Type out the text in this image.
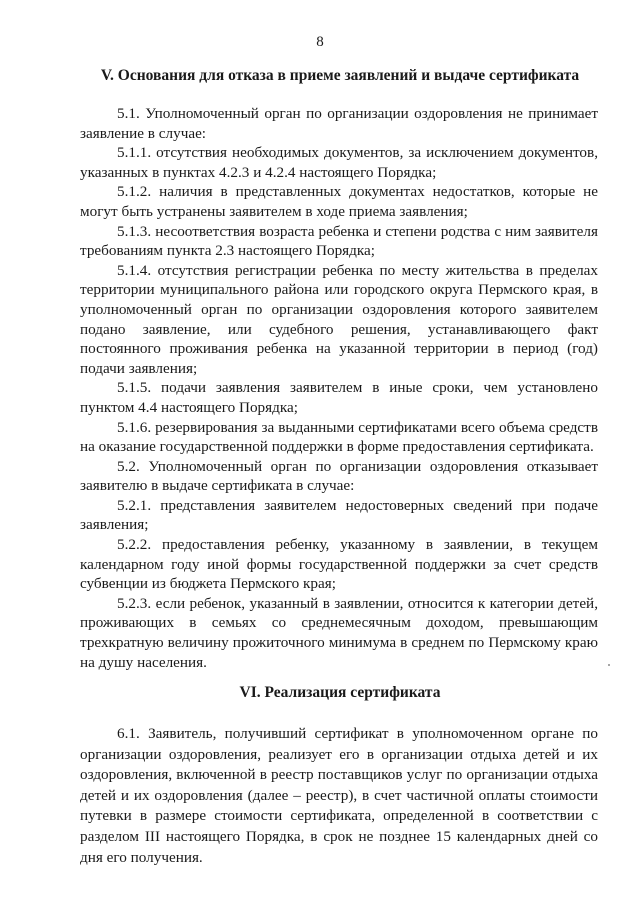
8
V. Основания для отказа в приеме заявлений и выдаче сертификата

5.1. Уполномоченный орган по организации оздоровления не принимает заявление в случае:

5.1.1. отсутствия необходимых документов, за исключением документов, указанных в пунктах 4.2.3 и 4.2.4 настоящего Порядка;

5.1.2. наличия в представленных документах недостатков, которые не могут быть устранены заявителем в ходе приема заявления;

5.1.3. несоответствия возраста ребенка и степени родства с ним заявителя требованиям пункта 2.3 настоящего Порядка;

5.1.4. отсутствия регистрации ребенка по месту жительства в пределах территории муниципального района или городского округа Пермского края, в уполномоченный орган по организации оздоровления которого заявителем подано заявление, или судебного решения, устанавливающего факт постоянного проживания ребенка на указанной территории в период (год) подачи заявления;

5.1.5. подачи заявления заявителем в иные сроки, чем установлено пунктом 4.4 настоящего Порядка;

5.1.6. резервирования за выданными сертификатами всего объема средств на оказание государственной поддержки в форме предоставления сертификата.

5.2. Уполномоченный орган по организации оздоровления отказывает заявителю в выдаче сертификата в случае:

5.2.1. представления заявителем недостоверных сведений при подаче заявления;

5.2.2. предоставления ребенку, указанному в заявлении, в текущем календарном году иной формы государственной поддержки за счет средств субвенции из бюджета Пермского края;

5.2.3. если ребенок, указанный в заявлении, относится к категории детей, проживающих в семьях со среднемесячным доходом, превышающим трехкратную величину прожиточного минимума в среднем по Пермскому краю на душу населения.

VI. Реализация сертификата

6.1. Заявитель, получивший сертификат в уполномоченном органе по организации оздоровления, реализует его в организации отдыха детей и их оздоровления, включенной в реестр поставщиков услуг по организации отдыха детей и их оздоровления (далее – реестр), в счет частичной оплаты стоимости путевки в размере стоимости сертификата, определенной в соответствии с разделом III настоящего Порядка, в срок не позднее 15 календарных дней со дня его получения.
